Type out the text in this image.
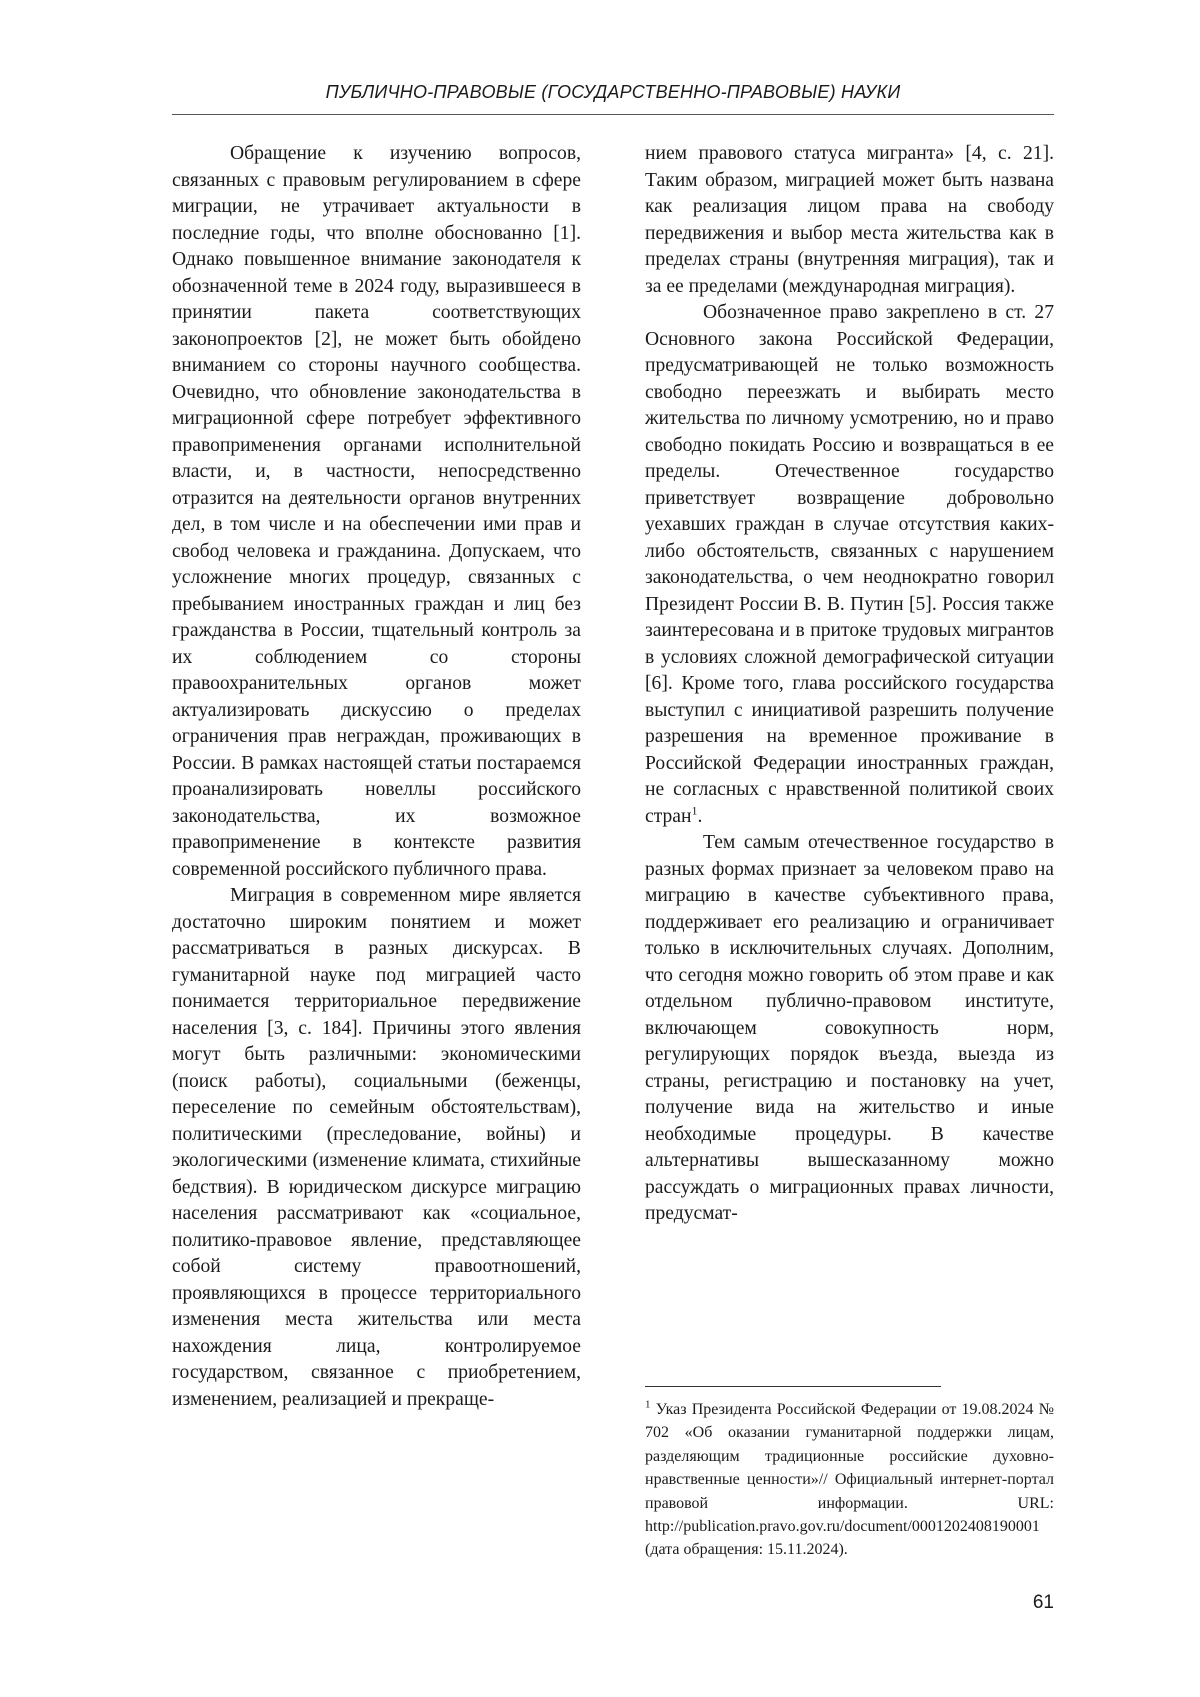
ПУБЛИЧНО-ПРАВОВЫЕ (ГОСУДАРСТВЕННО-ПРАВОВЫЕ) НАУКИ

Обращение к изучению вопросов, связанных с правовым регулированием в сфере миграции, не утрачивает актуальности в последние годы, что вполне обоснованно [1]. Однако повышенное внимание законодателя к обозначенной теме в 2024 году, выразившееся в принятии пакета соответствующих законопроектов [2], не может быть обойдено вниманием со стороны научного сообщества. Очевидно, что обновление законодательства в миграционной сфере потребует эффективного правоприменения органами исполнительной власти, и, в частности, непосредственно отразится на деятельности органов внутренних дел, в том числе и на обеспечении ими прав и свобод человека и гражданина. Допускаем, что усложнение многих процедур, связанных с пребыванием иностранных граждан и лиц без гражданства в России, тщательный контроль за их соблюдением со стороны правоохранительных органов может актуализировать дискуссию о пределах ограничения прав неграждан, проживающих в России. В рамках настоящей статьи постараемся проанализировать новеллы российского законодательства, их возможное правоприменение в контексте развития современной российского публичного права.

Миграция в современном мире является достаточно широким понятием и может рассматриваться в разных дискурсах. В гуманитарной науке под миграцией часто понимается территориальное передвижение населения [3, с. 184]. Причины этого явления могут быть различными: экономическими (поиск работы), социальными (беженцы, переселение по семейным обстоятельствам), политическими (преследование, войны) и экологическими (изменение климата, стихийные бедствия). В юридическом дискурсе миграцию населения рассматривают как «социальное, политико-правовое явление, представляющее собой систему правоотношений, проявляющихся в процессе территориального изменения места жительства или места нахождения лица, контролируемое государством, связанное с приобретением, изменением, реализацией и прекраще-

нием правового статуса мигранта» [4, с. 21]. Таким образом, миграцией может быть названа как реализация лицом права на свободу передвижения и выбор места жительства как в пределах страны (внутренняя миграция), так и за ее пределами (международная миграция).

Обозначенное право закреплено в ст. 27 Основного закона Российской Федерации, предусматривающей не только возможность свободно переезжать и выбирать место жительства по личному усмотрению, но и право свободно покидать Россию и возвращаться в ее пределы. Отечественное государство приветствует возвращение добровольно уехавших граждан в случае отсутствия каких-либо обстоятельств, связанных с нарушением законодательства, о чем неоднократно говорил Президент России В. В. Путин [5]. Россия также заинтересована и в притоке трудовых мигрантов в условиях сложной демографической ситуации [6]. Кроме того, глава российского государства выступил с инициативой разрешить получение разрешения на временное проживание в Российской Федерации иностранных граждан, не согласных с нравственной политикой своих стран$^1$.

Тем самым отечественное государство в разных формах признает за человеком право на миграцию в качестве субъективного права, поддерживает его реализацию и ограничивает только в исключительных случаях. Дополним, что сегодня можно говорить об этом праве и как отдельном публично-правовом институте, включающем совокупность норм, регулирующих порядок въезда, выезда из страны, регистрацию и постановку на учет, получение вида на жительство и иные необходимые процедуры. В качестве альтернативы вышесказанному можно рассуждать о миграционных правах личности, предусмат-

$^1$ Указ Президента Российской Федерации от 19.08.2024 № 702 «Об оказании гуманитарной поддержки лицам, разделяющим традиционные российские духовно-нравственные ценности»// Официальный интернет-портал правовой информации. URL: http://publication.pravo.gov.ru/document/0001202408190001 (дата обращения: 15.11.2024).

61
